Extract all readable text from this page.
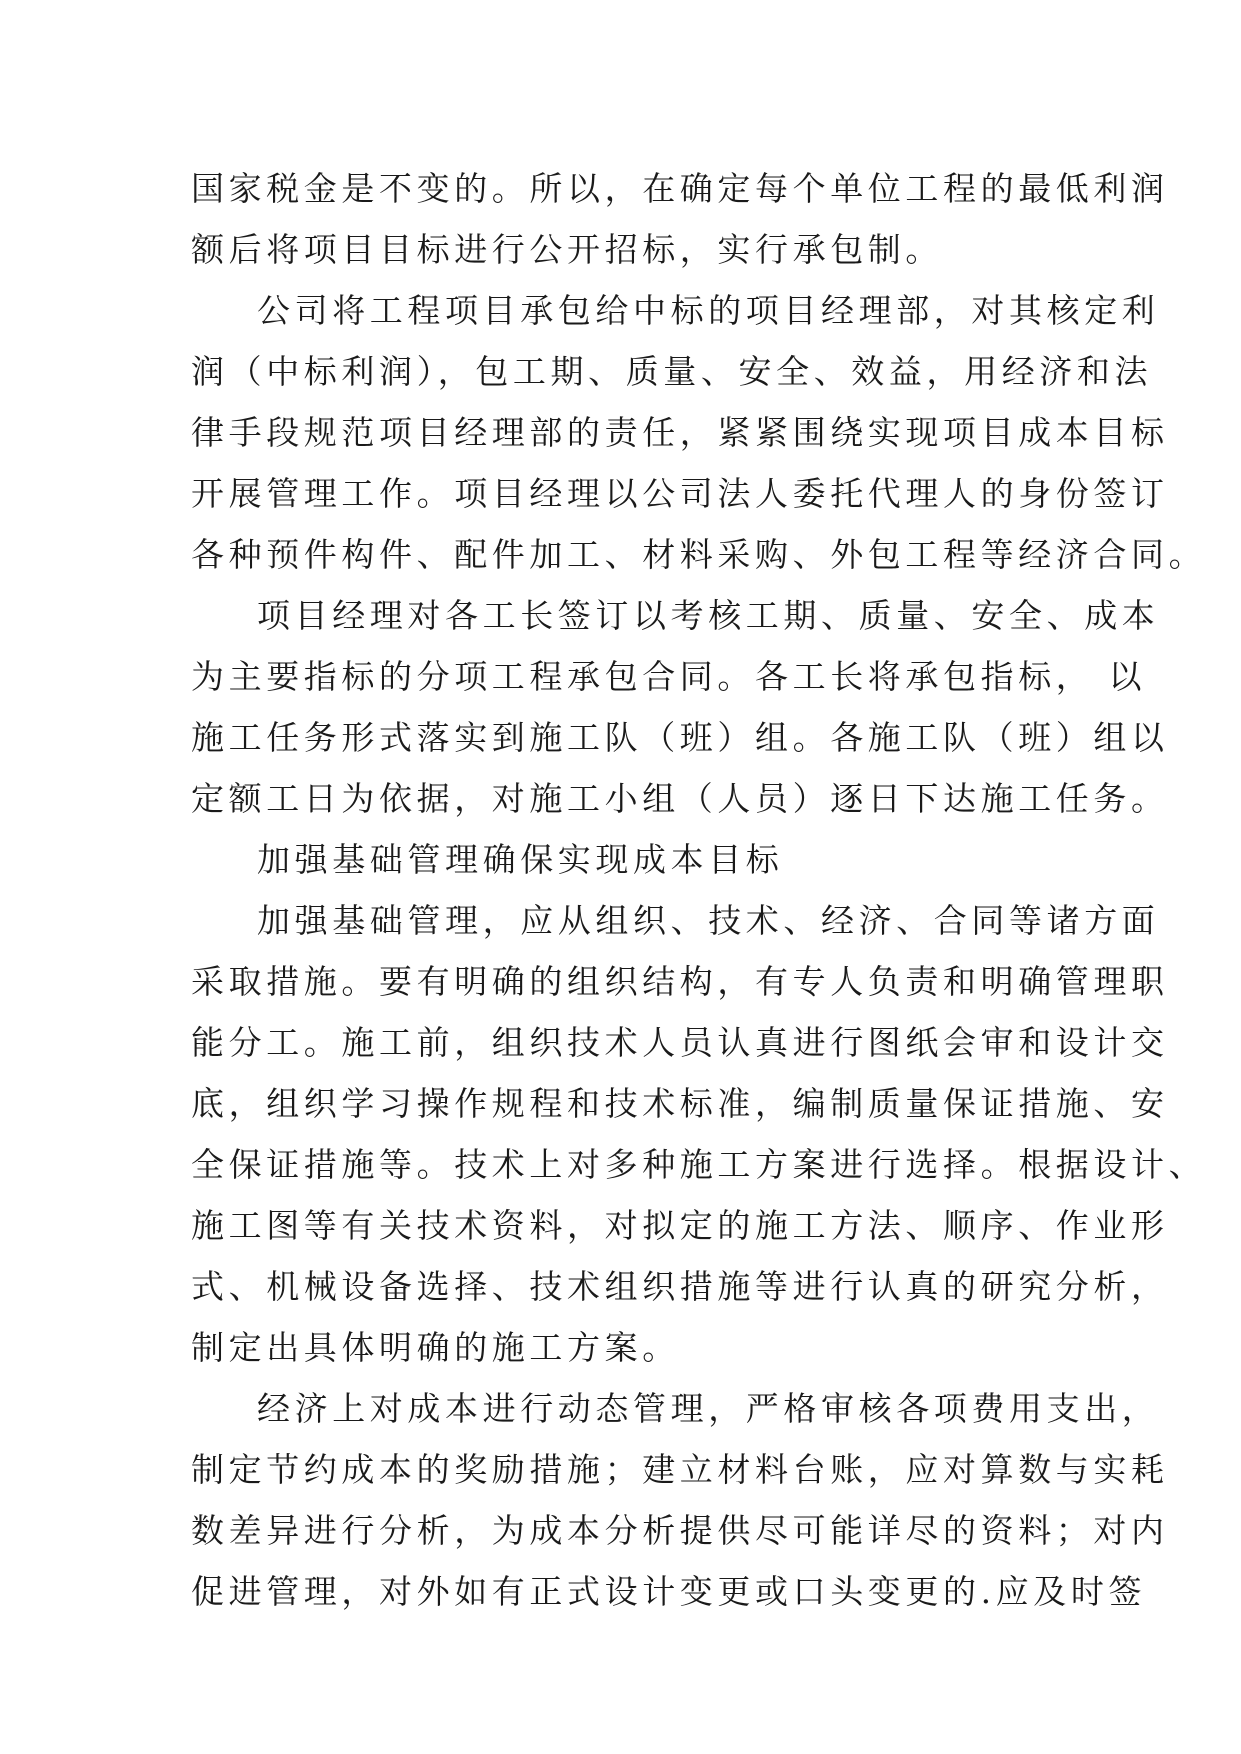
国家税金是不变的。所以，在确定每个单位工程的最低利润
额后将项目目标进行公开招标，实行承包制。
公司将工程项目承包给中标的项目经理部，对其核定利
润（中标利润），包工期、质量、安全、效益，用经济和法
律手段规范项目经理部的责任，紧紧围绕实现项目成本目标
开展管理工作。项目经理以公司法人委托代理人的身份签订
各种预件构件、配件加工、材料采购、外包工程等经济合同。
项目经理对各工长签订以考核工期、质量、安全、成本
为主要指标的分项工程承包合同。各工长将承包指标， 以
施工任务形式落实到施工队（班）组。各施工队（班）组以
定额工日为依据，对施工小组（人员）逐日下达施工任务。
加强基础管理确保实现成本目标
加强基础管理，应从组织、技术、经济、合同等诸方面
采取措施。要有明确的组织结构，有专人负责和明确管理职
能分工。施工前，组织技术人员认真进行图纸会审和设计交
底，组织学习操作规程和技术标准，编制质量保证措施、安
全保证措施等。技术上对多种施工方案进行选择。根据设计、
施工图等有关技术资料，对拟定的施工方法、顺序、作业形
式、机械设备选择、技术组织措施等进行认真的研究分析，
制定出具体明确的施工方案。
经济上对成本进行动态管理，严格审核各项费用支出，
制定节约成本的奖励措施；建立材料台账，应对算数与实耗
数差异进行分析，为成本分析提供尽可能详尽的资料；对内
促进管理，对外如有正式设计变更或口头变更的.应及时签
